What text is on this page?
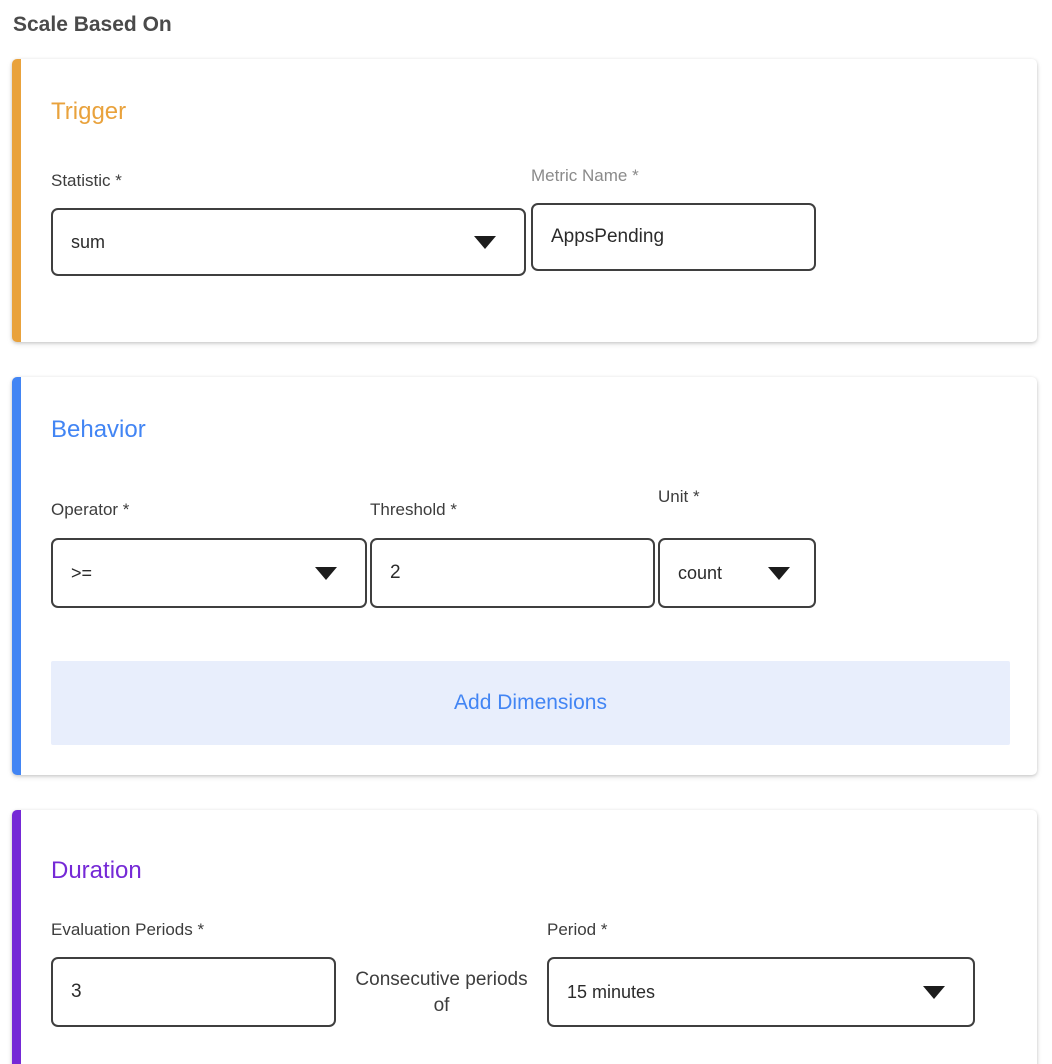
Scale Based On
Trigger
Statistic *
sum
Metric Name *
AppsPending
Behavior
Operator *
>=
Threshold *
2
Unit *
count
Add Dimensions
Duration
Evaluation Periods *
3
Consecutive periods
of
Period *
15 minutes
